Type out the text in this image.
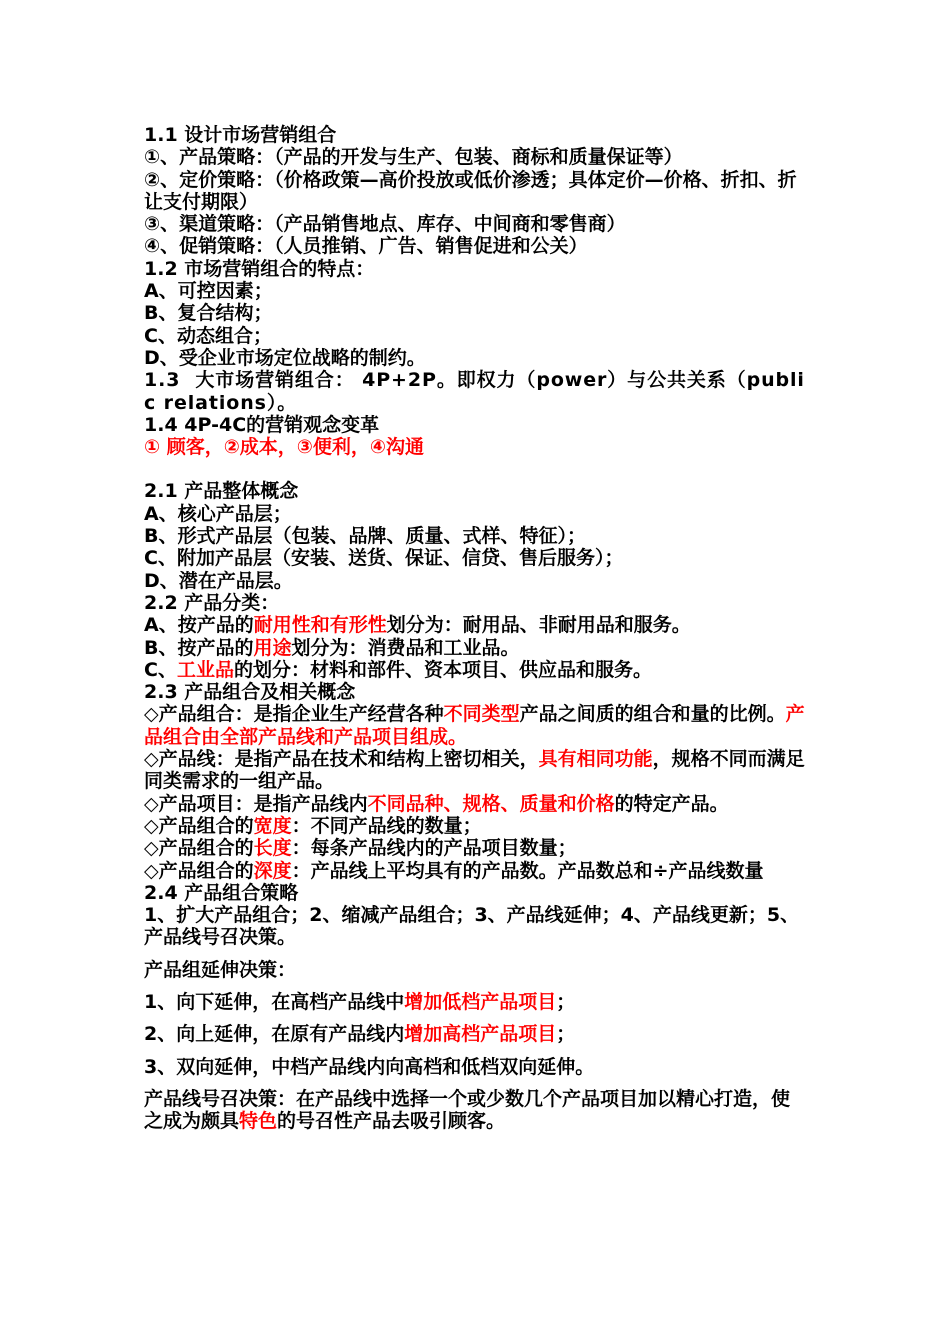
1.1 设计市场营销组合
①、产品策略：（产品的开发与生产、包装、商标和质量保证等）
②、定价策略：（价格政策—高价投放或低价渗透；具体定价—价格、折扣、折让支付期限）
③、渠道策略：（产品销售地点、库存、中间商和零售商）
④、促销策略：（人员推销、广告、销售促进和公关）
1.2 市场营销组合的特点：
A、可控因素；
B、复合结构；
C、动态组合；
D、受企业市场定位战略的制约。
1.3  大市场营销组合： 4P+2P。即权力（power）与公共关系（public relations）。
1.4 4P-4C的营销观念变革
① 顾客，②成本，③便利，④沟通
2.1 产品整体概念
A、核心产品层；
B、形式产品层（包装、品牌、质量、式样、特征）；
C、附加产品层（安装、送货、保证、信贷、售后服务）；
D、潜在产品层。
2.2 产品分类：
A、按产品的耐用性和有形性划分为：耐用品、非耐用品和服务。
B、按产品的用途划分为：消费品和工业品。
C、工业品的划分：材料和部件、资本项目、供应品和服务。
2.3 产品组合及相关概念
◇产品组合：是指企业生产经营各种不同类型产品之间质的组合和量的比例。产品组合由全部产品线和产品项目组成。
◇产品线：是指产品在技术和结构上密切相关，具有相同功能，规格不同而满足同类需求的一组产品。
◇产品项目：是指产品线内不同品种、规格、质量和价格的特定产品。
◇产品组合的宽度：不同产品线的数量；
◇产品组合的长度：每条产品线内的产品项目数量；
◇产品组合的深度：产品线上平均具有的产品数。产品数总和÷产品线数量
2.4 产品组合策略
1、扩大产品组合；2、缩减产品组合；3、产品线延伸；4、产品线更新；5、产品线号召决策。
产品组延伸决策：
1、向下延伸，在高档产品线中增加低档产品项目；
2、向上延伸，在原有产品线内增加高档产品项目；
3、双向延伸，中档产品线内向高档和低档双向延伸。
产品线号召决策：在产品线中选择一个或少数几个产品项目加以精心打造，使之成为颇具特色的号召性产品去吸引顾客。
